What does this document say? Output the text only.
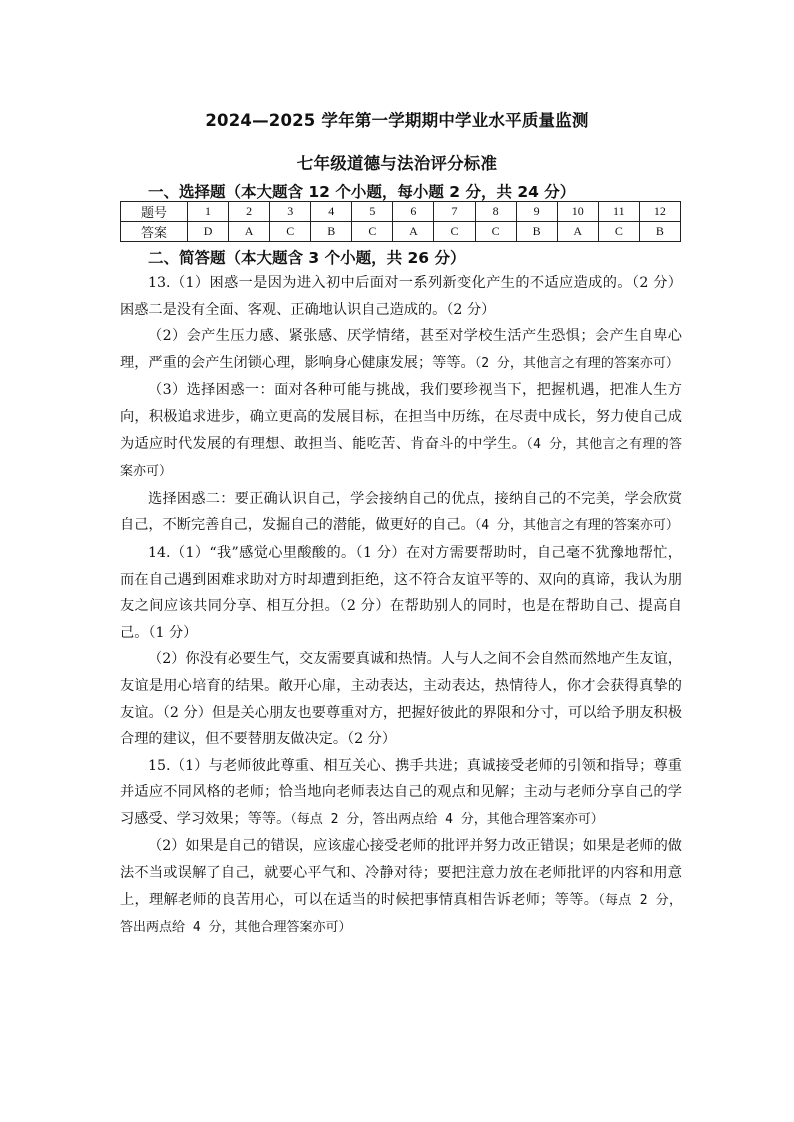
2024—2025 学年第一学期期中学业水平质量监测
七年级道德与法治评分标准
一、选择题（本大题含 12 个小题，每小题 2 分，共 24 分）
题号	1	2	3	4	5	6	7	8	9	10	11	12
答案	D	A	C	B	C	A	C	C	B	A	C	B
二、简答题（本大题含 3 个小题，共 26 分）

13.（1）困惑一是因为进入初中后面对一系列新变化产生的不适应造成的。（2 分）困惑二是没有全面、客观、正确地认识自己造成的。（2 分）

（2）会产生压力感、紧张感、厌学情绪，甚至对学校生活产生恐惧；会产生自卑心理，严重的会产生闭锁心理，影响身心健康发展；等等。（2 分，其他言之有理的答案亦可）

（3）选择困惑一：面对各种可能与挑战，我们要珍视当下，把握机遇，把准人生方向，积极追求进步，确立更高的发展目标，在担当中历练，在尽责中成长，努力使自己成为适应时代发展的有理想、敢担当、能吃苦、肯奋斗的中学生。（4 分，其他言之有理的答案亦可）

选择困惑二：要正确认识自己，学会接纳自己的优点，接纳自己的不完美，学会欣赏自己，不断完善自己，发掘自己的潜能，做更好的自己。（4 分，其他言之有理的答案亦可）

14.（1）“我”感觉心里酸酸的。（1 分）在对方需要帮助时，自己毫不犹豫地帮忙，而在自己遇到困难求助对方时却遭到拒绝，这不符合友谊平等的、双向的真谛，我认为朋友之间应该共同分享、相互分担。（2 分）在帮助别人的同时，也是在帮助自己、提高自己。（1 分）

（2）你没有必要生气，交友需要真诚和热情。人与人之间不会自然而然地产生友谊，友谊是用心培育的结果。敞开心扉，主动表达，主动表达，热情待人，你才会获得真挚的友谊。（2 分）但是关心朋友也要尊重对方，把握好彼此的界限和分寸，可以给予朋友积极合理的建议，但不要替朋友做决定。（2 分）

15.（1）与老师彼此尊重、相互关心、携手共进；真诚接受老师的引领和指导；尊重并适应不同风格的老师；恰当地向老师表达自己的观点和见解；主动与老师分享自己的学习感受、学习效果；等等。（每点 2 分，答出两点给 4 分，其他合理答案亦可）

（2）如果是自己的错误，应该虚心接受老师的批评并努力改正错误；如果是老师的做法不当或误解了自己，就要心平气和、冷静对待；要把注意力放在老师批评的内容和用意上，理解老师的良苦用心，可以在适当的时候把事情真相告诉老师；等等。（每点 2 分，答出两点给 4 分，其他合理答案亦可）
